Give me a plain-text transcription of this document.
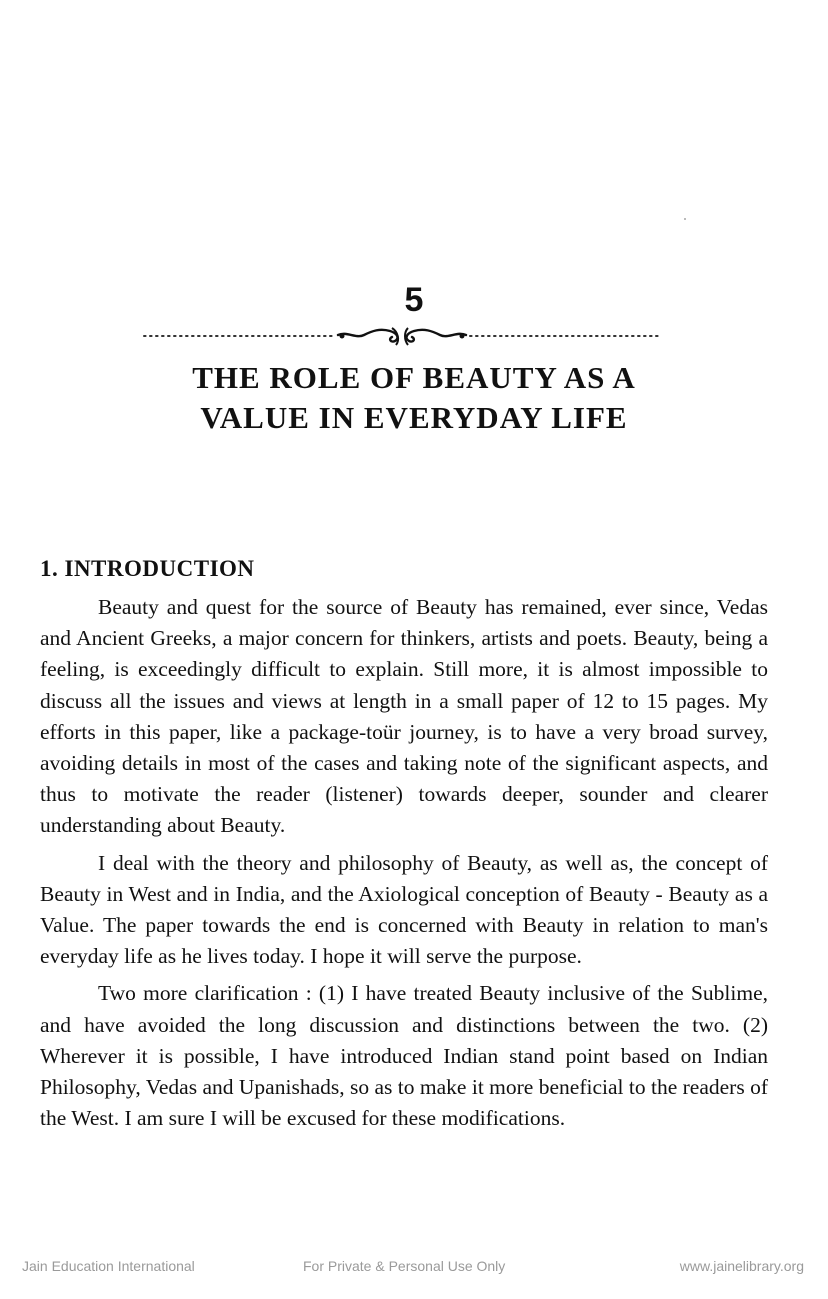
5
THE ROLE OF BEAUTY AS A
VALUE IN EVERYDAY LIFE
1. INTRODUCTION

Beauty and quest for the source of Beauty has remained, ever since, Vedas and Ancient Greeks, a major concern for thinkers, artists and poets. Beauty, being a feeling, is exceedingly difficult to explain. Still more, it is almost impossible to discuss all the issues and views at length in a small paper of 12 to 15 pages. My efforts in this paper, like a package-toür journey, is to have a very broad survey, avoiding details in most of the cases and taking note of the significant aspects, and thus to motivate the reader (listener) towards deeper, sounder and clearer understanding about Beauty.

I deal with the theory and philosophy of Beauty, as well as, the concept of Beauty in West and in India, and the Axiological conception of Beauty - Beauty as a Value. The paper towards the end is concerned with Beauty in relation to man's everyday life as he lives today. I hope it will serve the purpose.

Two more clarification : (1) I have treated Beauty inclusive of the Sublime, and have avoided the long discussion and distinctions between the two. (2) Wherever it is possible, I have introduced Indian stand point based on Indian Philosophy, Vedas and Upanishads, so as to make it more beneficial to the readers of the West. I am sure I will be excused for these modifications.

Jain Education International	For Private & Personal Use Only	www.jainelibrary.org
